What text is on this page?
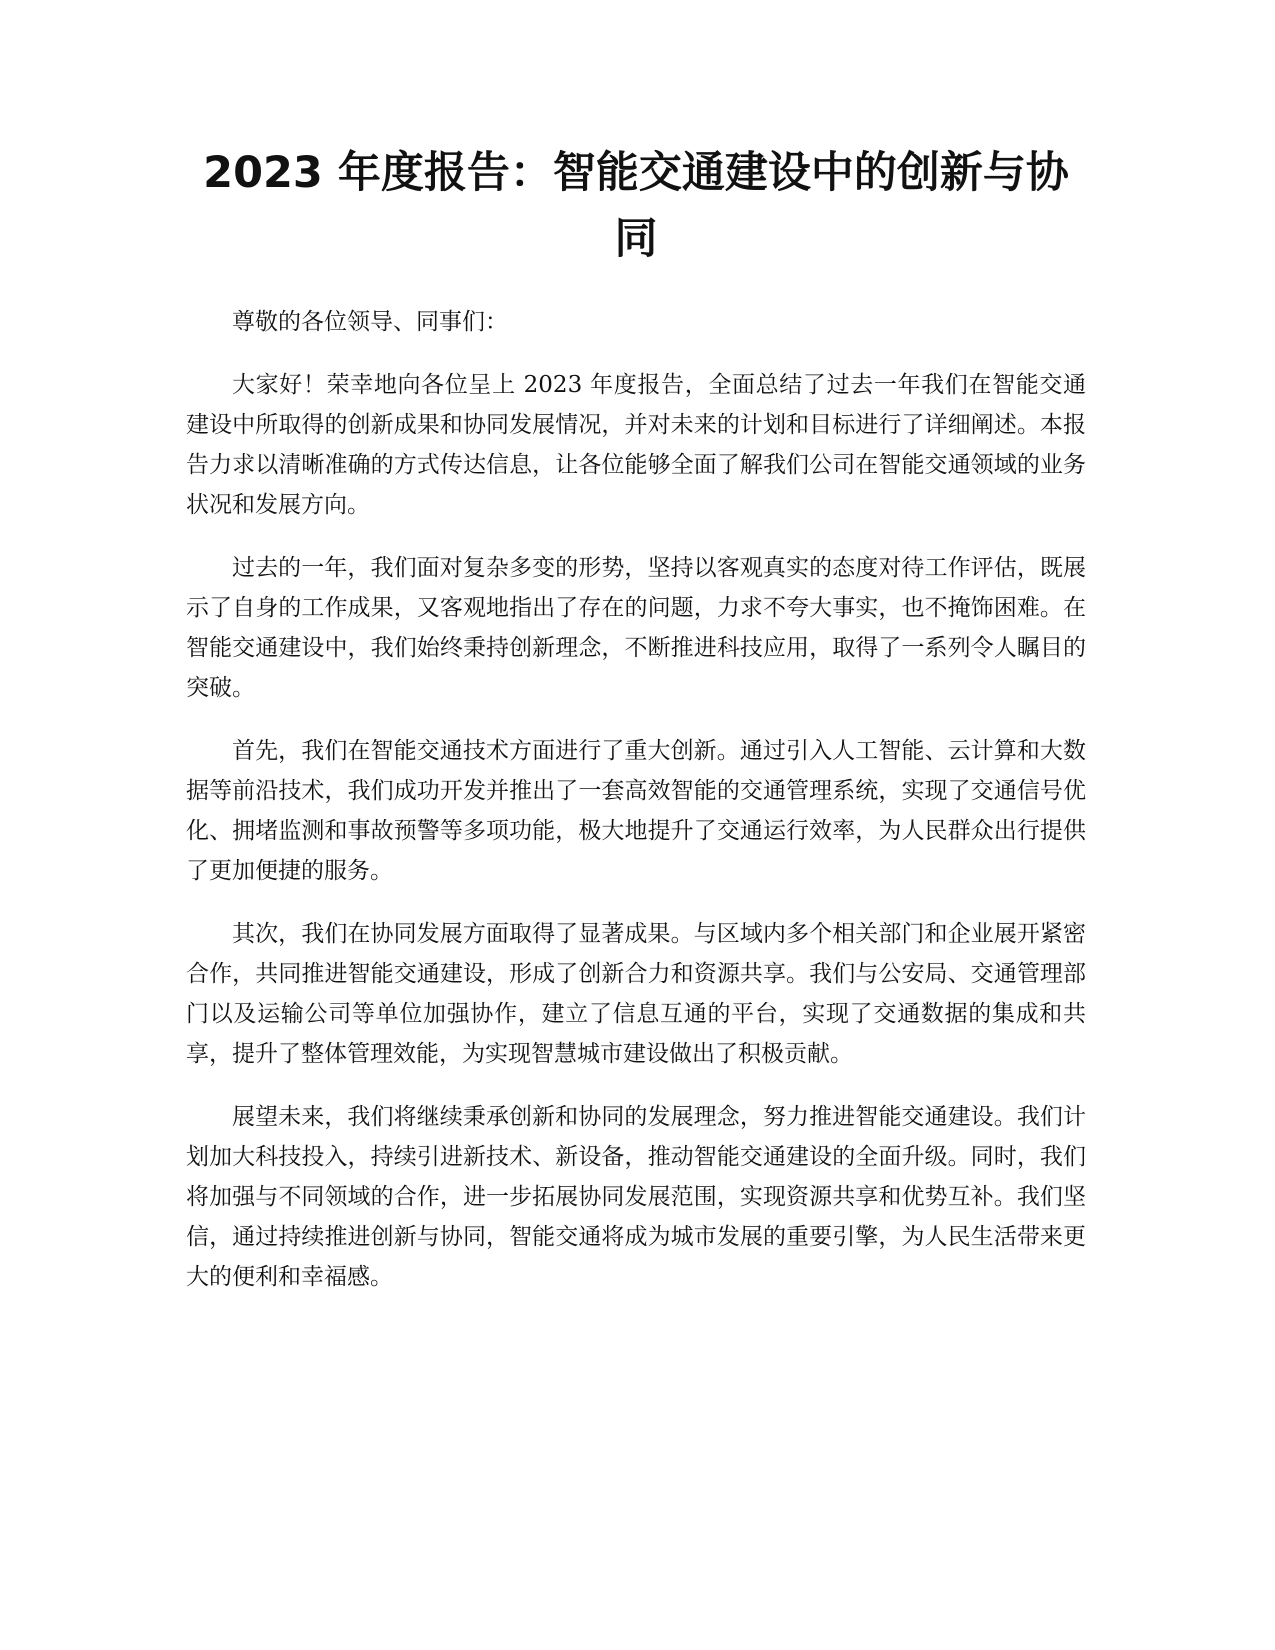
2023 年度报告：智能交通建设中的创新与协同

尊敬的各位领导、同事们：

大家好！荣幸地向各位呈上 2023 年度报告，全面总结了过去一年我们在智能交通建设中所取得的创新成果和协同发展情况，并对未来的计划和目标进行了详细阐述。本报告力求以清晰准确的方式传达信息，让各位能够全面了解我们公司在智能交通领域的业务状况和发展方向。

过去的一年，我们面对复杂多变的形势，坚持以客观真实的态度对待工作评估，既展示了自身的工作成果，又客观地指出了存在的问题，力求不夸大事实，也不掩饰困难。在智能交通建设中，我们始终秉持创新理念，不断推进科技应用，取得了一系列令人瞩目的突破。

首先，我们在智能交通技术方面进行了重大创新。通过引入人工智能、云计算和大数据等前沿技术，我们成功开发并推出了一套高效智能的交通管理系统，实现了交通信号优化、拥堵监测和事故预警等多项功能，极大地提升了交通运行效率，为人民群众出行提供了更加便捷的服务。

其次，我们在协同发展方面取得了显著成果。与区域内多个相关部门和企业展开紧密合作，共同推进智能交通建设，形成了创新合力和资源共享。我们与公安局、交通管理部门以及运输公司等单位加强协作，建立了信息互通的平台，实现了交通数据的集成和共享，提升了整体管理效能，为实现智慧城市建设做出了积极贡献。

展望未来，我们将继续秉承创新和协同的发展理念，努力推进智能交通建设。我们计划加大科技投入，持续引进新技术、新设备，推动智能交通建设的全面升级。同时，我们将加强与不同领域的合作，进一步拓展协同发展范围，实现资源共享和优势互补。我们坚信，通过持续推进创新与协同，智能交通将成为城市发展的重要引擎，为人民生活带来更大的便利和幸福感。
